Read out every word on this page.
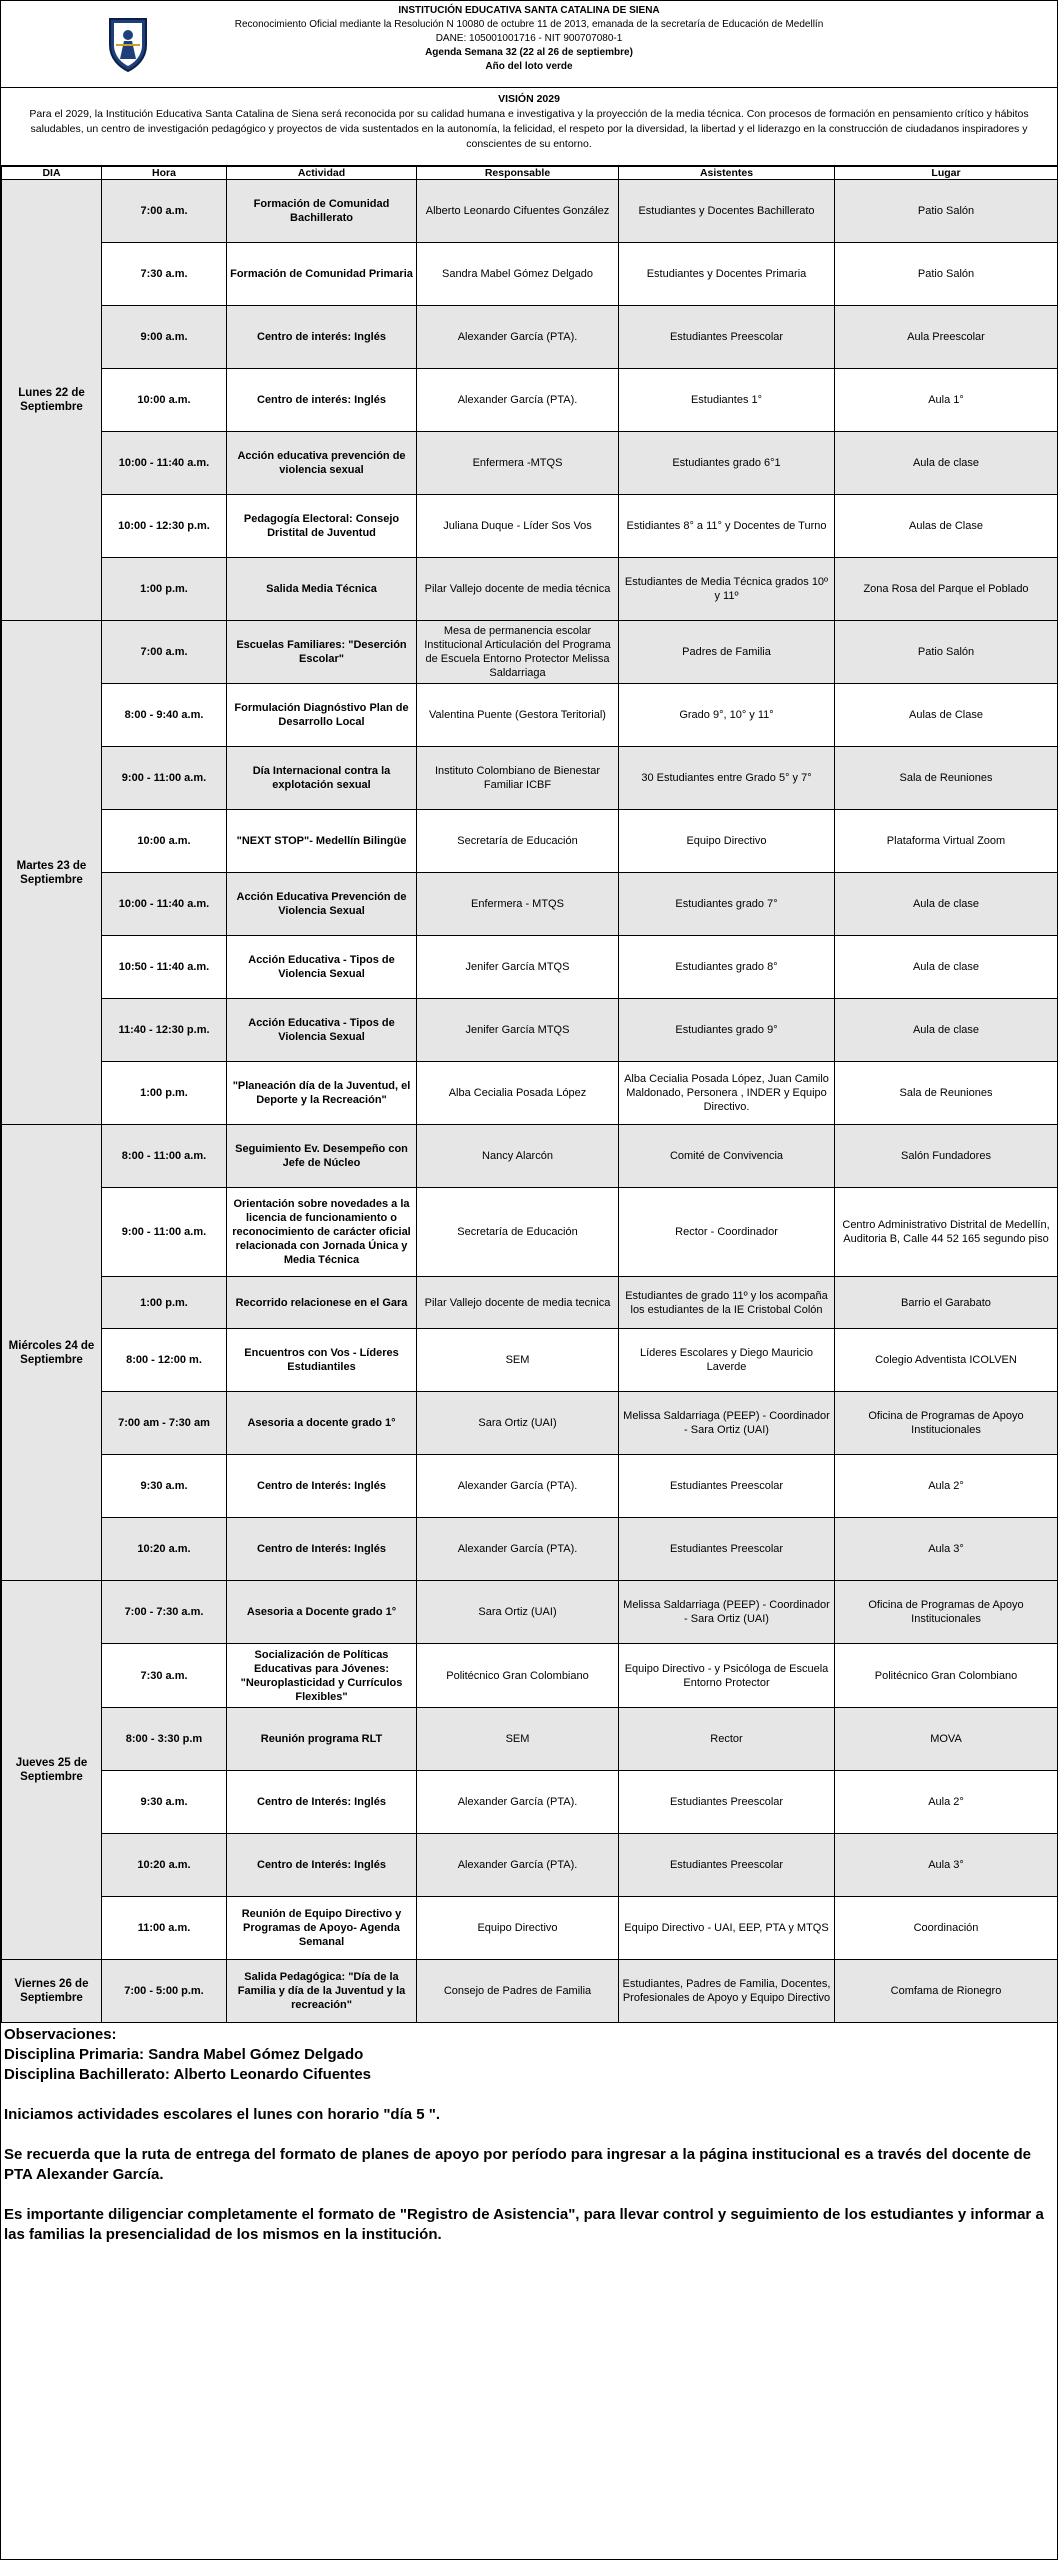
INSTITUCIÓN EDUCATIVA SANTA CATALINA DE SIENA
Reconocimiento Oficial mediante la Resolución N 10080 de octubre 11 de 2013, emanada de la secretaría de Educación de Medellín
DANE: 105001001716 - NIT 900707080-1
Agenda Semana 32 (22 al 26 de septiembre)
Año del loto verde
VISIÓN 2029
Para el 2029, la Institución Educativa Santa Catalina de Siena será reconocida por su calidad humana e investigativa y la proyección de la media técnica. Con procesos de formación en pensamiento crítico y hábitos saludables, un centro de investigación pedagógico y proyectos de vida sustentados en la autonomía, la felicidad, el respeto por la diversidad, la libertad y el liderazgo en la construcción de ciudadanos inspiradores y conscientes de su entorno.
DIA	Hora	Actividad	Responsable	Asistentes	Lugar
Lunes 22 de Septiembre	7:00 a.m.	Formación de Comunidad Bachillerato	Alberto Leonardo Cifuentes González	Estudiantes y Docentes Bachillerato	Patio Salón
	7:30 a.m.	Formación de Comunidad Primaria	Sandra Mabel Gómez Delgado	Estudiantes y Docentes Primaria	Patio Salón
	9:00 a.m.	Centro de interés: Inglés	Alexander García (PTA).	Estudiantes Preescolar	Aula Preescolar
	10:00 a.m.	Centro de interés: Inglés	Alexander García (PTA).	Estudiantes 1°	Aula 1°
	10:00 - 11:40 a.m.	Acción educativa prevención de violencia sexual	Enfermera -MTQS	Estudiantes grado 6°1	Aula de clase
	10:00 - 12:30 p.m.	Pedagogía Electoral: Consejo Dristital de Juventud	Juliana Duque - Líder Sos Vos	Estidiantes 8° a 11° y Docentes de Turno	Aulas de Clase
	1:00 p.m.	Salida Media Técnica	Pilar Vallejo docente de media técnica	Estudiantes de Media Técnica grados 10º y 11º	Zona Rosa del Parque el Poblado
Martes 23 de Septiembre	7:00 a.m.	Escuelas Familiares: "Deserción Escolar"	Mesa de permanencia escolar Institucional Articulación del Programa de Escuela Entorno Protector Melissa Saldarriaga	Padres de Familia	Patio Salón
	8:00 - 9:40 a.m.	Formulación Diagnóstivo Plan de Desarrollo Local	Valentina Puente (Gestora Teritorial)	Grado 9°, 10° y 11°	Aulas de Clase
	9:00 - 11:00 a.m.	Día Internacional contra la explotación sexual	Instituto Colombiano de Bienestar Familiar ICBF	30 Estudiantes entre Grado 5° y 7°	Sala de Reuniones
	10:00 a.m.	"NEXT STOP"- Medellín Bilingüe	Secretaría de Educación	Equipo Directivo	Plataforma Virtual Zoom
	10:00 - 11:40 a.m.	Acción Educativa Prevención de Violencia Sexual	Enfermera - MTQS	Estudiantes grado 7°	Aula de clase
	10:50 - 11:40 a.m.	Acción Educativa - Tipos de Violencia Sexual	Jenifer García MTQS	Estudiantes grado 8°	Aula de clase
	11:40 - 12:30 p.m.	Acción Educativa - Tipos de Violencia Sexual	Jenifer García MTQS	Estudiantes grado 9°	Aula de clase
	1:00 p.m.	"Planeación día de la Juventud, el Deporte y la Recreación"	Alba Cecialia Posada López	Alba Cecialia Posada López, Juan Camilo Maldonado, Personera , INDER y Equipo Directivo.	Sala de Reuniones
Miércoles 24 de Septiembre	8:00 - 11:00 a.m.	Seguimiento Ev. Desempeño con Jefe de Núcleo	Nancy Alarcón	Comité de Convivencia	Salón Fundadores
	9:00 - 11:00 a.m.	Orientación sobre novedades a la licencia de funcionamiento o reconocimiento de carácter oficial relacionada con Jornada Única y Media Técnica	Secretaría de Educación	Rector - Coordinador	Centro Administrativo Distrital de Medellín, Auditoria B, Calle 44 52 165 segundo piso
	1:00 p.m.	Recorrido relacionese en el Gara	Pilar Vallejo docente de media tecnica	Estudiantes de grado 11º y los acompaña los estudiantes de la IE Cristobal Colón	Barrio el Garabato
	8:00 - 12:00 m.	Encuentros con Vos - Líderes Estudiantiles	SEM	Líderes Escolares y Diego Mauricio Laverde	Colegio Adventista ICOLVEN
	7:00 am - 7:30 am	Asesoria a docente grado 1°	Sara Ortiz (UAI)	Melissa Saldarriaga (PEEP) - Coordinador - Sara Ortiz (UAI)	Oficina de Programas de Apoyo Institucionales
	9:30 a.m.	Centro de Interés: Inglés	Alexander García (PTA).	Estudiantes Preescolar	Aula 2°
	10:20 a.m.	Centro de Interés: Inglés	Alexander García (PTA).	Estudiantes Preescolar	Aula 3°
Jueves 25 de Septiembre	7:00 - 7:30 a.m.	Asesoria a Docente grado 1°	Sara Ortiz (UAI)	Melissa Saldarriaga (PEEP) - Coordinador - Sara Ortiz (UAI)	Oficina de Programas de Apoyo Institucionales
	7:30 a.m.	Socialización de Políticas Educativas para Jóvenes: "Neuroplasticidad y Currículos Flexibles"	Politécnico Gran Colombiano	Equipo Directivo - y Psicóloga de Escuela Entorno Protector	Politécnico Gran Colombiano
	8:00 - 3:30 p.m	Reunión programa RLT	SEM	Rector	MOVA
	9:30 a.m.	Centro de Interés: Inglés	Alexander García (PTA).	Estudiantes Preescolar	Aula 2°
	10:20 a.m.	Centro de Interés: Inglés	Alexander García (PTA).	Estudiantes Preescolar	Aula 3°
	11:00 a.m.	Reunión de Equipo Directivo y Programas de Apoyo- Agenda Semanal	Equipo Directivo	Equipo Directivo - UAI, EEP, PTA y MTQS	Coordinación
Viernes 26 de Septiembre	7:00 - 5:00 p.m.	Salida Pedagógica: "Día de la Familia y día de la Juventud y la recreación"	Consejo de Padres de Familia	Estudiantes, Padres de Familia, Docentes, Profesionales de Apoyo y Equipo Directivo	Comfama de Rionegro
Observaciones:
Disciplina Primaria: Sandra Mabel Gómez Delgado
Disciplina Bachillerato: Alberto Leonardo Cifuentes
Iniciamos actividades escolares el lunes con horario "día 5 ".
Se recuerda que la ruta de entrega del formato de planes de apoyo por período para ingresar a la página institucional es a través del docente de PTA Alexander García.
Es importante diligenciar completamente el formato de "Registro de Asistencia", para llevar control y seguimiento de los estudiantes y informar a las familias la presencialidad de los mismos en la institución.
